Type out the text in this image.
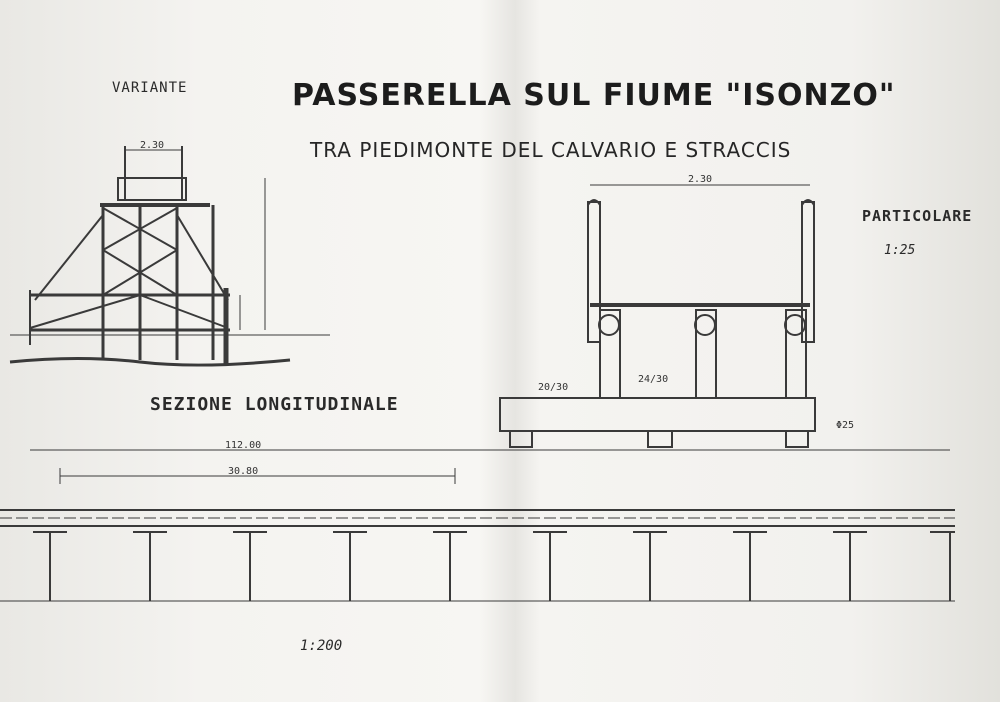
VARIANTE	PASSERELLA SUL FIUME "ISONZO"
TRA PIEDIMONTE DEL CALVARIO E STRACCIS
SEZIONE LONGITUDINALE
PARTICOLARE
1:25
1:200
2.30
2.30
112.00
30.80
Φ25
20/30
24/30
